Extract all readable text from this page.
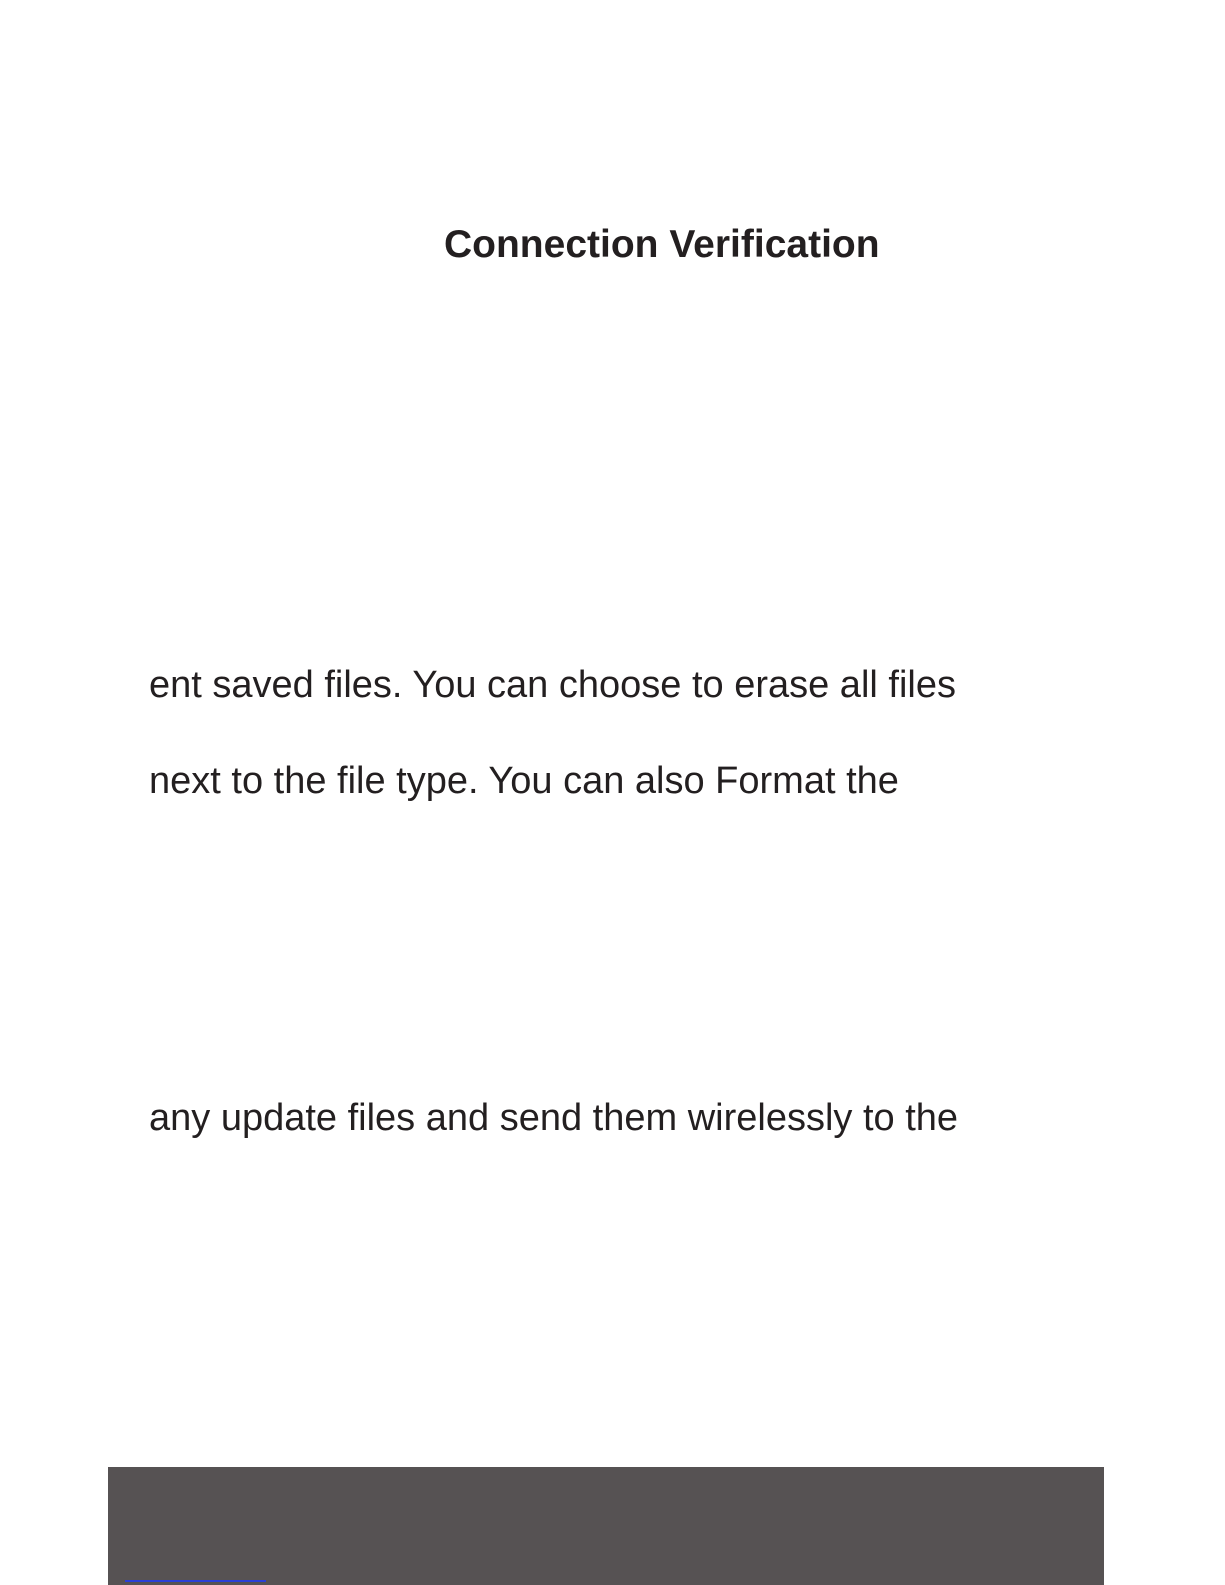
Connection Verification
ent saved files. You can choose to erase all files
next to the file type. You can also Format the
any update files and send them wirelessly to the
